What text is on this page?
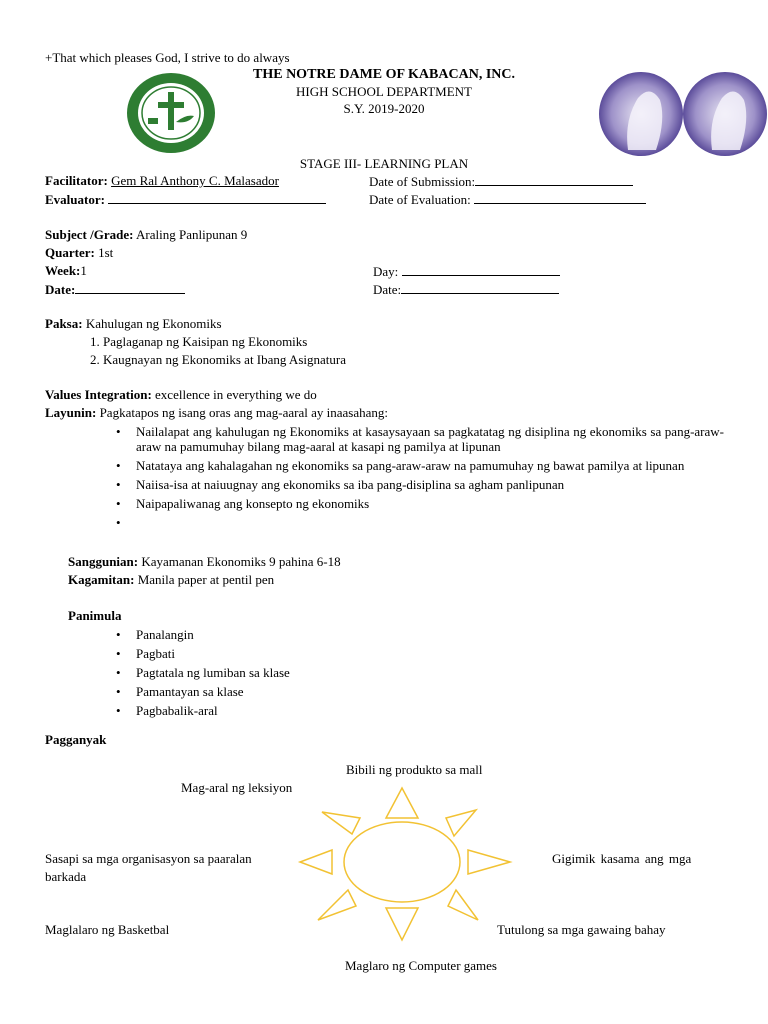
+That which pleases God, I strive to do always
THE NOTRE DAME OF KABACAN, INC.
HIGH SCHOOL DEPARTMENT
S.Y. 2019-2020
STAGE III- LEARNING PLAN
Facilitator: Gem Ral Anthony C. Malasador	Date of Submission:
Evaluator:	Date of Evaluation:
Subject /Grade: Araling Panlipunan 9
Quarter: 1st
Week:1	Day:
Date:	Date:
Paksa: Kahulugan ng Ekonomiks
1. Paglaganap ng Kaisipan ng Ekonomiks
2. Kaugnayan ng Ekonomiks at Ibang Asignatura
Values Integration: excellence in everything we do
Layunin: Pagkatapos ng isang oras ang mag-aaral ay inaasahang:
• Nailalapat ang kahulugan ng Ekonomiks at kasaysayaan sa pagkatatag ng disiplina ng ekonomiks sa pang-araw-araw na pamumuhay bilang mag-aaral at kasapi ng pamilya at lipunan
• Natataya ang kahalagahan ng ekonomiks sa pang-araw-araw na pamumuhay ng bawat pamilya at lipunan
• Naiisa-isa at naiuugnay ang ekonomiks sa iba pang-disiplina sa agham panlipunan
• Naipapaliwanag ang konsepto ng ekonomiks
•
Sanggunian: Kayamanan Ekonomiks 9 pahina 6-18
Kagamitan: Manila paper at pentil pen
Panimula
• Panalangin
• Pagbati
• Pagtatala ng lumiban sa klase
• Pamantayan sa klase
• Pagbabalik-aral
Pagganyak
Bibili ng produkto sa mall
Mag-aral ng leksiyon
Sasapi sa mga organisasyon sa paaralan
barkada
Gigimik kasama ang mga
Maglalaro ng Basketbal	Tutulong sa mga gawaing bahay
Maglaro ng Computer games
